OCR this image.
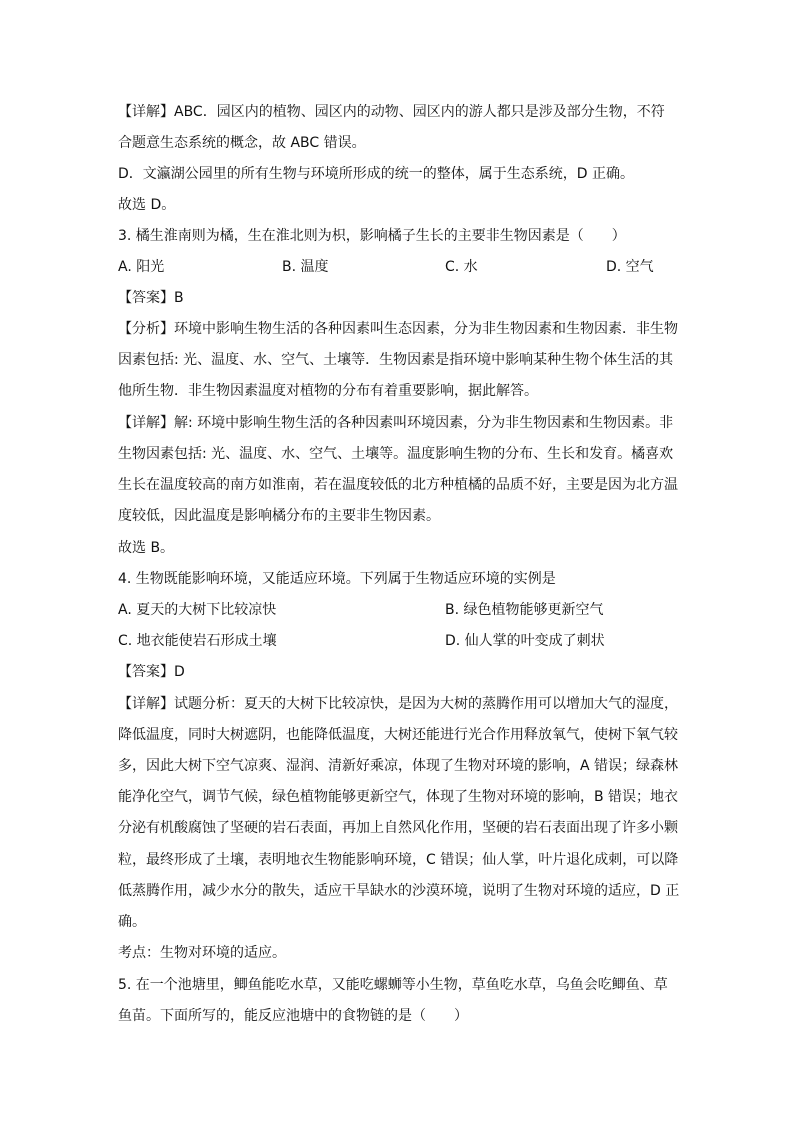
【详解】ABC．园区内的植物、园区内的动物、园区内的游人都只是涉及部分生物，不符
合题意生态系统的概念，故 ABC 错误。
D．文瀛湖公园里的所有生物与环境所形成的统一的整体，属于生态系统，D 正确。
故选 D。
3. 橘生淮南则为橘，生在淮北则为枳，影响橘子生长的主要非生物因素是（　　）
A. 阳光	B. 温度	C. 水	D. 空气
【答案】B
【分析】环境中影响生物生活的各种因素叫生态因素，分为非生物因素和生物因素．非生物
因素包括: 光、温度、水、空气、土壤等．生物因素是指环境中影响某种生物个体生活的其
他所生物．非生物因素温度对植物的分布有着重要影响，据此解答。
【详解】解: 环境中影响生物生活的各种因素叫环境因素，分为非生物因素和生物因素。非
生物因素包括: 光、温度、水、空气、土壤等。温度影响生物的分布、生长和发育。橘喜欢
生长在温度较高的南方如淮南，若在温度较低的北方种植橘的品质不好，主要是因为北方温
度较低，因此温度是影响橘分布的主要非生物因素。
故选 B。
4. 生物既能影响环境，又能适应环境。下列属于生物适应环境的实例是
A. 夏天的大树下比较凉快	B. 绿色植物能够更新空气
C. 地衣能使岩石形成土壤	D. 仙人掌的叶变成了刺状
【答案】D
【详解】试题分析：夏天的大树下比较凉快，是因为大树的蒸腾作用可以增加大气的湿度，
降低温度，同时大树遮阴，也能降低温度，大树还能进行光合作用释放氧气，使树下氧气较
多，因此大树下空气凉爽、湿润、清新好乘凉，体现了生物对环境的影响，A 错误；绿森林
能净化空气，调节气候，绿色植物能够更新空气，体现了生物对环境的影响，B 错误；地衣
分泌有机酸腐蚀了坚硬的岩石表面，再加上自然风化作用，坚硬的岩石表面出现了许多小颗
粒，最终形成了土壤，表明地衣生物能影响环境，C 错误；仙人掌，叶片退化成刺，可以降
低蒸腾作用，减少水分的散失，适应干旱缺水的沙漠环境，说明了生物对环境的适应，D 正
确。
考点：生物对环境的适应。
5. 在一个池塘里，鲫鱼能吃水草，又能吃螺蛳等小生物，草鱼吃水草，乌鱼会吃鲫鱼、草
鱼苗。下面所写的，能反应池塘中的食物链的是（　　）
